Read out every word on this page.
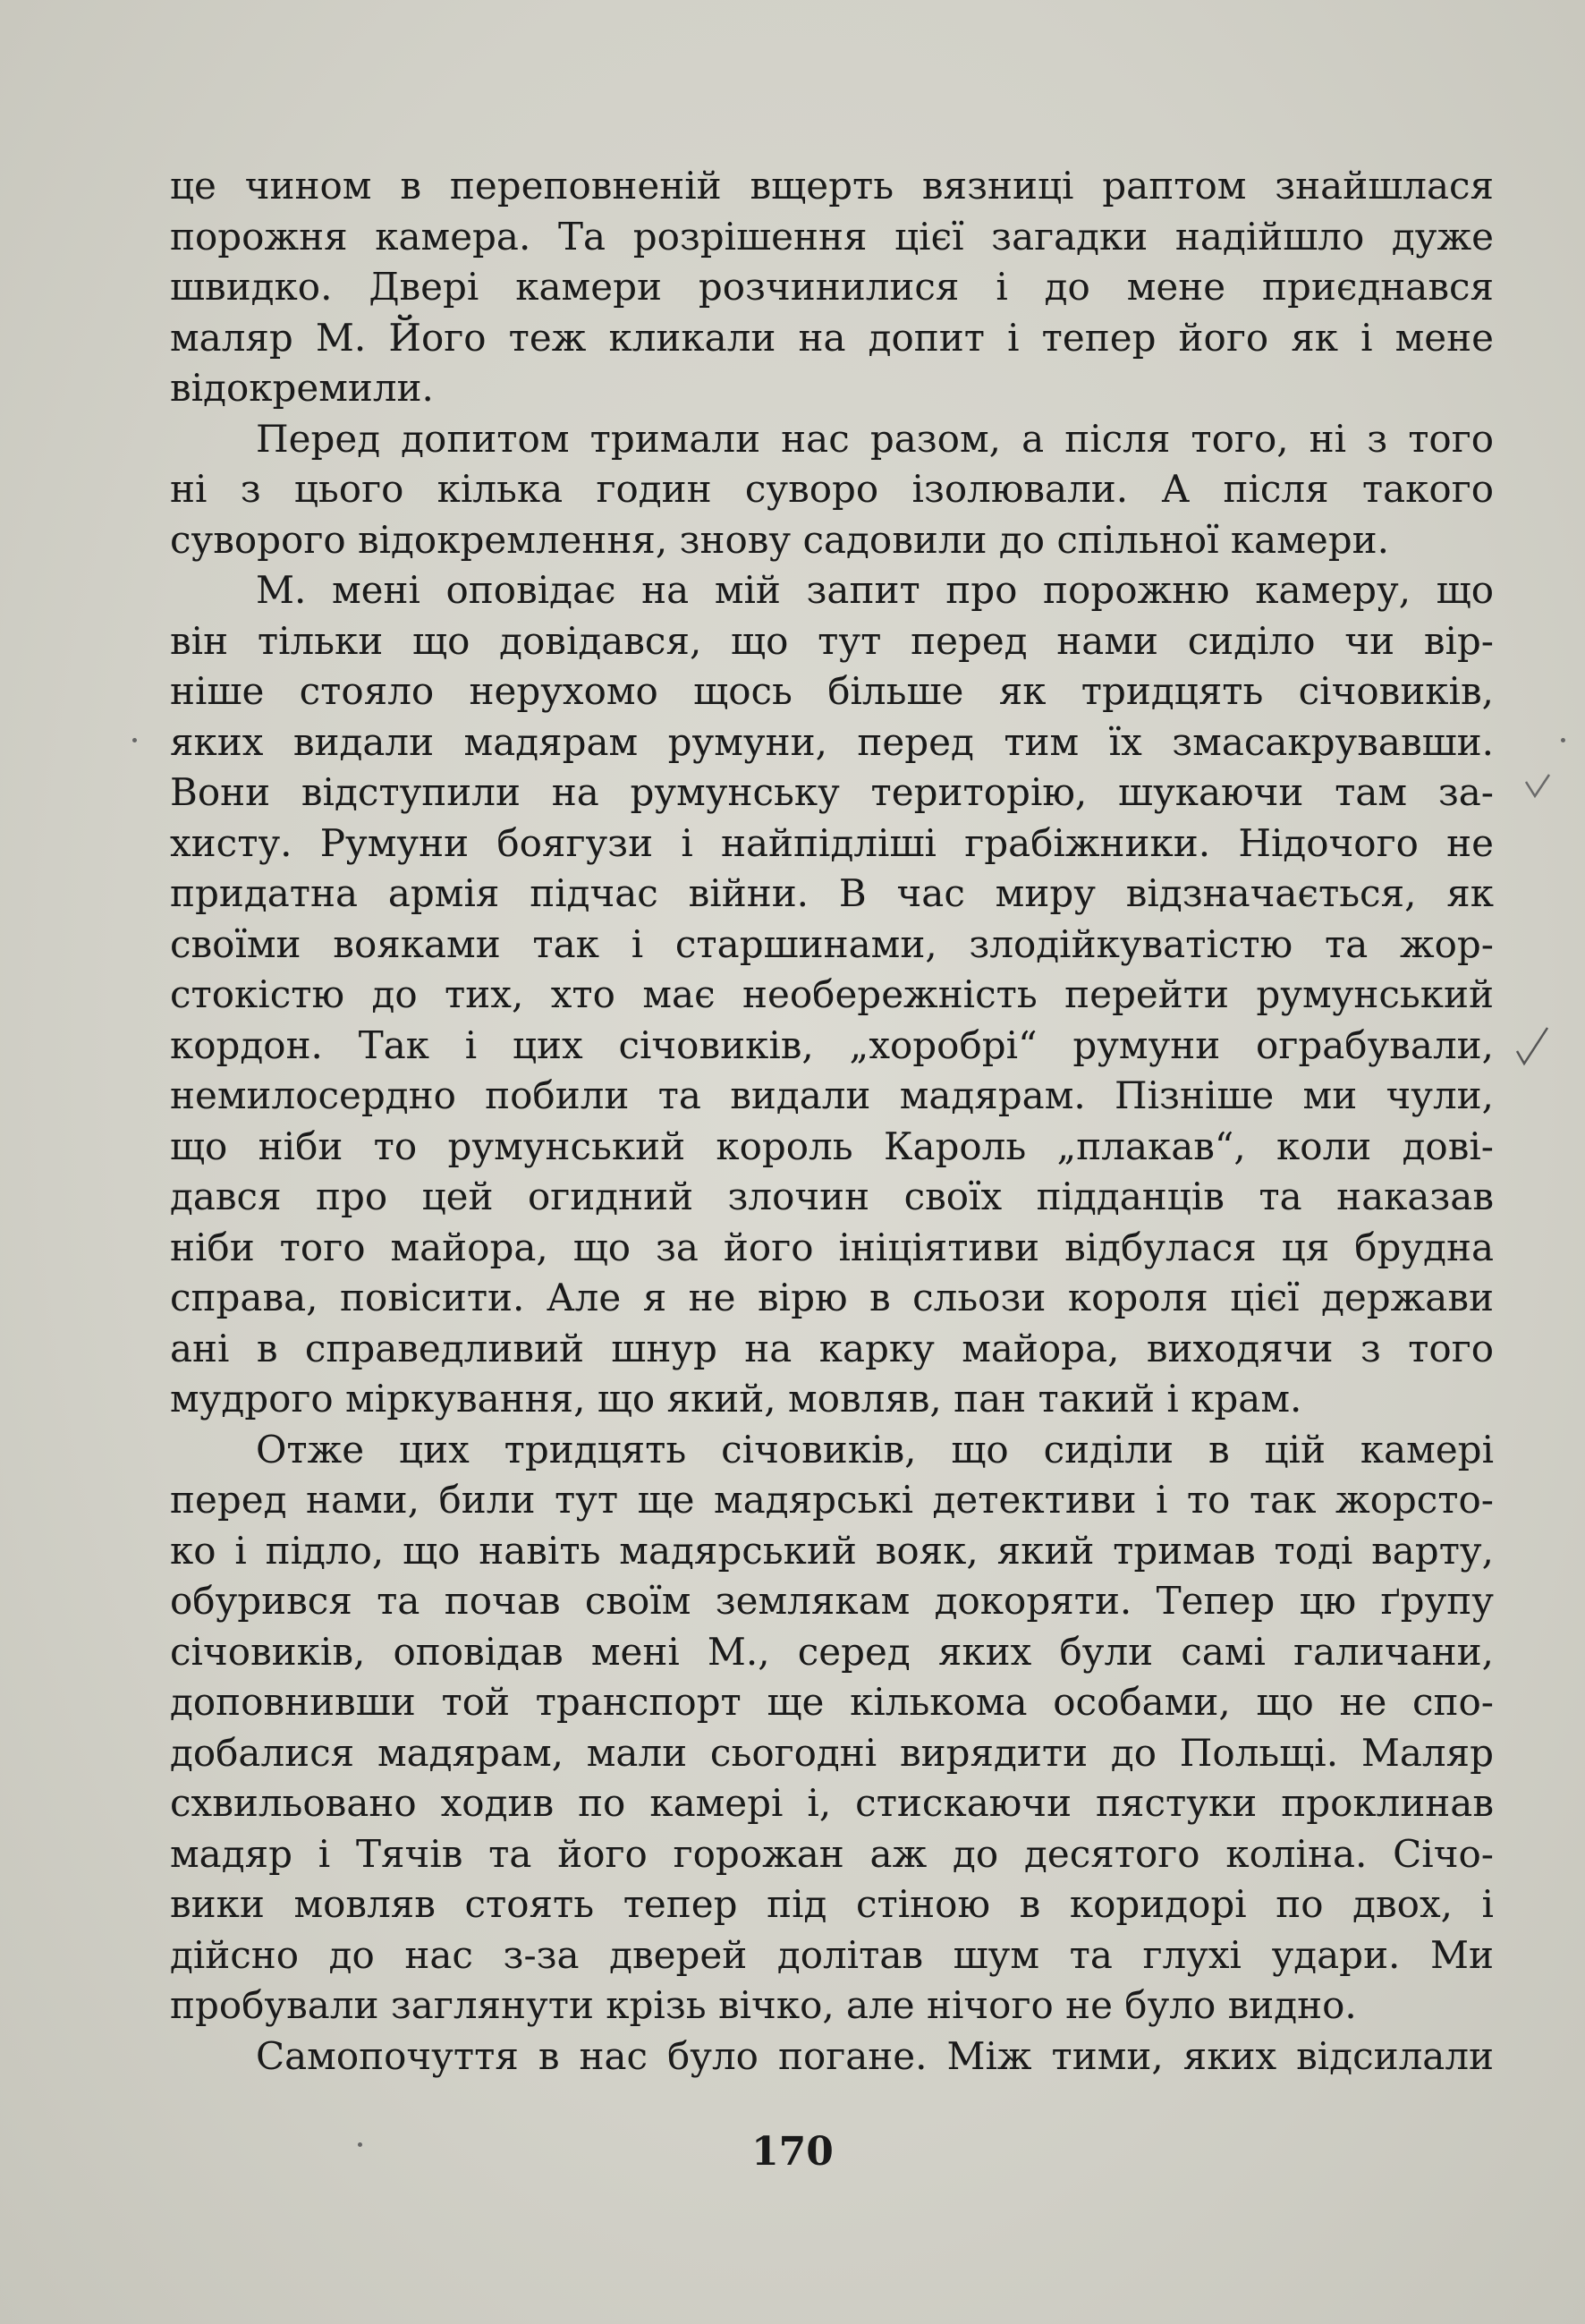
це чином в переповненій вщерть вязниці раптом знайшлася
порожня камера. Та розрішення цієї загадки надійшло дуже
швидко. Двері камери розчинилися і до мене приєднався
маляр М. Його теж кликали на допит і тепер його як і мене
відокремили.
Перед допитом тримали нас разом, а після того, ні з того
ні з цього кілька годин суворо ізолювали. А після такого
суворого відокремлення, знову садовили до спільної камери.
М. мені оповідає на мій запит про порожню камеру, що
він тільки що довідався, що тут перед нами сиділо чи вір-
ніше стояло нерухомо щось більше як тридцять січовиків,
яких видали мадярам румуни, перед тим їх змасакрувавши.
Вони відступили на румунську територію, шукаючи там за-
хисту. Румуни боягузи і найпідліші грабіжники. Нідочого не
придатна армія підчас війни. В час миру відзначається, як
своїми вояками так і старшинами, злодійкуватістю та жор-
стокістю до тих, хто має необережність перейти румунський
кордон. Так і цих січовиків, „хоробрі“ румуни ограбували,
немилосердно побили та видали мадярам. Пізніше ми чули,
що ніби то румунський король Кароль „плакав“, коли дові-
дався про цей огидний злочин своїх підданців та наказав
ніби того майора, що за його ініціятиви відбулася ця брудна
справа, повісити. Але я не вірю в сльози короля цієї держави
ані в справедливий шнур на карку майора, виходячи з того
мудрого міркування, що який, мовляв, пан такий і крам.
Отже цих тридцять січовиків, що сиділи в цій камері
перед нами, били тут ще мадярські детективи і то так жорсто-
ко і підло, що навіть мадярський вояк, який тримав тоді варту,
обурився та почав своїм землякам докоряти. Тепер цю ґрупу
січовиків, оповідав мені М., серед яких були самі галичани,
доповнивши той транспорт ще кількома особами, що не спо-
добалися мадярам, мали сьогодні вирядити до Польщі. Маляр
схвильовано ходив по камері і, стискаючи пястуки проклинав
мадяр і Тячів та його горожан аж до десятого коліна. Січо-
вики мовляв стоять тепер під стіною в коридорі по двох, і
дійсно до нас з-за дверей долітав шум та глухі удари. Ми
пробували заглянути крізь вічко, але нічого не було видно.
Самопочуття в нас було погане. Між тими, яких відсилали
170
